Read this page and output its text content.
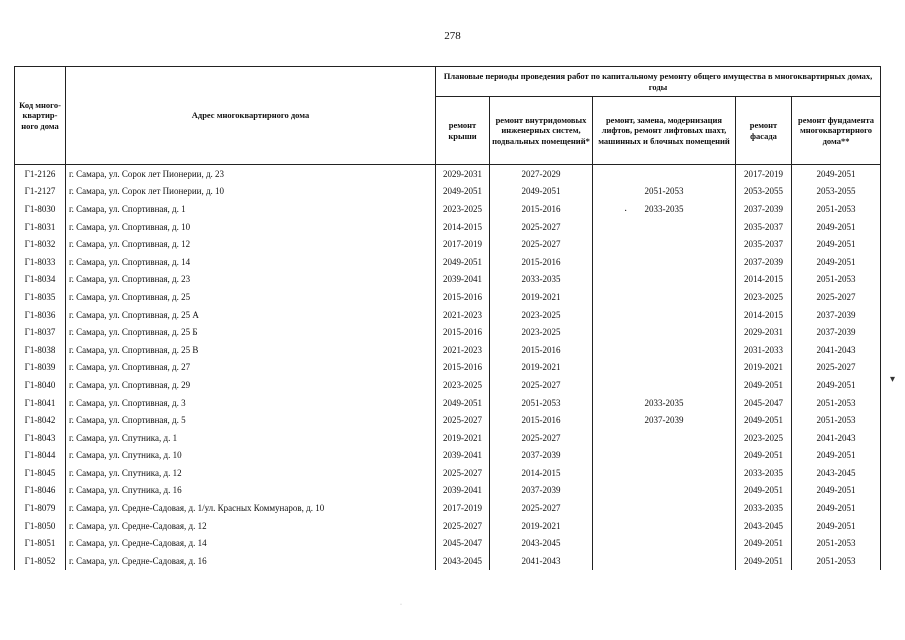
278
Код много-квартир-ного дома	Адрес многоквартирного дома	Плановые периоды проведения работ по капитальному ремонту общего имущества в многоквартирных домах, годы				
		ремонт крыши	ремонт внутридомовых инженерных систем, подвальных помещений*	ремонт, замена, модернизация лифтов, ремонт лифтовых шахт, машинных и блочных помещений	ремонт фасада	ремонт фундамента многоквартирного дома**
Г1-2126	г. Самара, ул. Сорок лет Пионерии, д. 23	2029-2031	2027-2029		2017-2019	2049-2051
Г1-2127	г. Самара, ул. Сорок лет Пионерии, д. 10	2049-2051	2049-2051	2051-2053	2053-2055	2053-2055
Г1-8030	г. Самара, ул. Спортивная, д. 1	2023-2025	2015-2016	2033-2035	2037-2039	2051-2053
Г1-8031	г. Самара, ул. Спортивная, д. 10	2014-2015	2025-2027		2035-2037	2049-2051
Г1-8032	г. Самара, ул. Спортивная, д. 12	2017-2019	2025-2027		2035-2037	2049-2051
Г1-8033	г. Самара, ул. Спортивная, д. 14	2049-2051	2015-2016		2037-2039	2049-2051
Г1-8034	г. Самара, ул. Спортивная, д. 23	2039-2041	2033-2035		2014-2015	2051-2053
Г1-8035	г. Самара, ул. Спортивная, д. 25	2015-2016	2019-2021		2023-2025	2025-2027
Г1-8036	г. Самара, ул. Спортивная, д. 25 А	2021-2023	2023-2025		2014-2015	2037-2039
Г1-8037	г. Самара, ул. Спортивная, д. 25 Б	2015-2016	2023-2025		2029-2031	2037-2039
Г1-8038	г. Самара, ул. Спортивная, д. 25 В	2021-2023	2015-2016		2031-2033	2041-2043
Г1-8039	г. Самара, ул. Спортивная, д. 27	2015-2016	2019-2021		2019-2021	2025-2027
Г1-8040	г. Самара, ул. Спортивная, д. 29	2023-2025	2025-2027		2049-2051	2049-2051
Г1-8041	г. Самара, ул. Спортивная, д. 3	2049-2051	2051-2053	2033-2035	2045-2047	2051-2053
Г1-8042	г. Самара, ул. Спортивная, д. 5	2025-2027	2015-2016	2037-2039	2049-2051	2051-2053
Г1-8043	г. Самара, ул. Спутника, д. 1	2019-2021	2025-2027		2023-2025	2041-2043
Г1-8044	г. Самара, ул. Спутника, д. 10	2039-2041	2037-2039		2049-2051	2049-2051
Г1-8045	г. Самара, ул. Спутника, д. 12	2025-2027	2014-2015		2033-2035	2043-2045
Г1-8046	г. Самара, ул. Спутника, д. 16	2039-2041	2037-2039		2049-2051	2049-2051
Г1-8079	г. Самара, ул. Средне-Садовая, д. 1/ул. Красных Коммунаров, д. 10	2017-2019	2025-2027		2033-2035	2049-2051
Г1-8050	г. Самара, ул. Средне-Садовая, д. 12	2025-2027	2019-2021		2043-2045	2049-2051
Г1-8051	г. Самара, ул. Средне-Садовая, д. 14	2045-2047	2043-2045		2049-2051	2051-2053
Г1-8052	г. Самара, ул. Средне-Садовая, д. 16	2043-2045	2041-2043		2049-2051	2051-2053
·
▾
·
